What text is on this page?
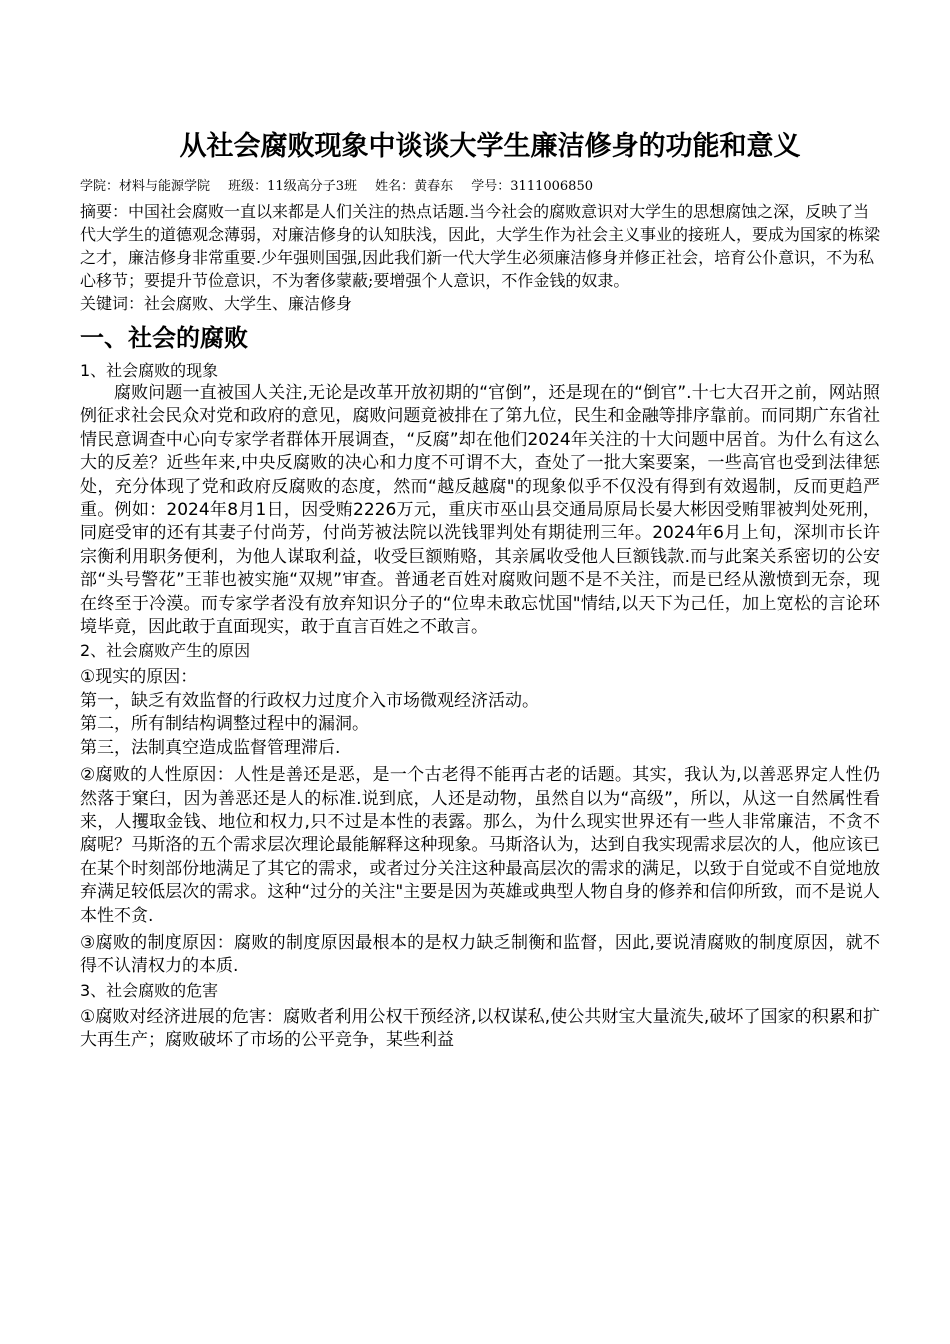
从社会腐败现象中谈谈大学生廉洁修身的功能和意义
学院：材料与能源学院 班级：11级高分子3班 姓名：黄春东 学号：3111006850

摘要：中国社会腐败一直以来都是人们关注的热点话题.当今社会的腐败意识对大学生的思想腐蚀之深，反映了当代大学生的道德观念薄弱，对廉洁修身的认知肤浅，因此，大学生作为社会主义事业的接班人，要成为国家的栋梁之才，廉洁修身非常重要.少年强则国强,因此我们新一代大学生必须廉洁修身并修正社会，培育公仆意识，不为私心移节；要提升节俭意识，不为奢侈蒙蔽;要增强个人意识，不作金钱的奴隶。

关键词：社会腐败、大学生、廉洁修身

一、社会的腐败

1、社会腐败的现象

腐败问题一直被国人关注,无论是改革开放初期的“官倒”，还是现在的“倒官”.十七大召开之前，网站照例征求社会民众对党和政府的意见，腐败问题竟被排在了第九位，民生和金融等排序靠前。而同期广东省社情民意调查中心向专家学者群体开展调查，“反腐”却在他们2024年关注的十大问题中居首。为什么有这么大的反差？近些年来,中央反腐败的决心和力度不可谓不大，查处了一批大案要案，一些高官也受到法律惩处，充分体现了党和政府反腐败的态度，然而“越反越腐"的现象似乎不仅没有得到有效遏制，反而更趋严重。例如：2024年8月1日，因受贿2226万元，重庆市巫山县交通局原局长晏大彬因受贿罪被判处死刑，同庭受审的还有其妻子付尚芳，付尚芳被法院以洗钱罪判处有期徒刑三年。2024年6月上旬，深圳市长许宗衡利用职务便利，为他人谋取利益，收受巨额贿赂，其亲属收受他人巨额钱款.而与此案关系密切的公安部“头号警花”王菲也被实施“双规”审查。普通老百姓对腐败问题不是不关注，而是已经从激愤到无奈，现在终至于冷漠。而专家学者没有放弃知识分子的“位卑未敢忘忧国"情结,以天下为己任，加上宽松的言论环境毕竟，因此敢于直面现实，敢于直言百姓之不敢言。

2、社会腐败产生的原因

①现实的原因：

第一，缺乏有效监督的行政权力过度介入市场微观经济活动。

第二，所有制结构调整过程中的漏洞。

第三，法制真空造成监督管理滞后.

②腐败的人性原因：人性是善还是恶，是一个古老得不能再古老的话题。其实，我认为,以善恶界定人性仍然落于窠臼，因为善恶还是人的标准.说到底，人还是动物，虽然自以为“高级”，所以，从这一自然属性看来，人攫取金钱、地位和权力,只不过是本性的表露。那么，为什么现实世界还有一些人非常廉洁，不贪不腐呢？马斯洛的五个需求层次理论最能解释这种现象。马斯洛认为，达到自我实现需求层次的人，他应该已在某个时刻部份地满足了其它的需求，或者过分关注这种最高层次的需求的满足，以致于自觉或不自觉地放弃满足较低层次的需求。这种“过分的关注"主要是因为英雄或典型人物自身的修养和信仰所致，而不是说人本性不贪.

③腐败的制度原因：腐败的制度原因最根本的是权力缺乏制衡和监督，因此,要说清腐败的制度原因，就不得不认清权力的本质.

3、社会腐败的危害

①腐败对经济进展的危害：腐败者利用公权干预经济,以权谋私,使公共财宝大量流失,破坏了国家的积累和扩大再生产；腐败破坏了市场的公平竞争，某些利益
